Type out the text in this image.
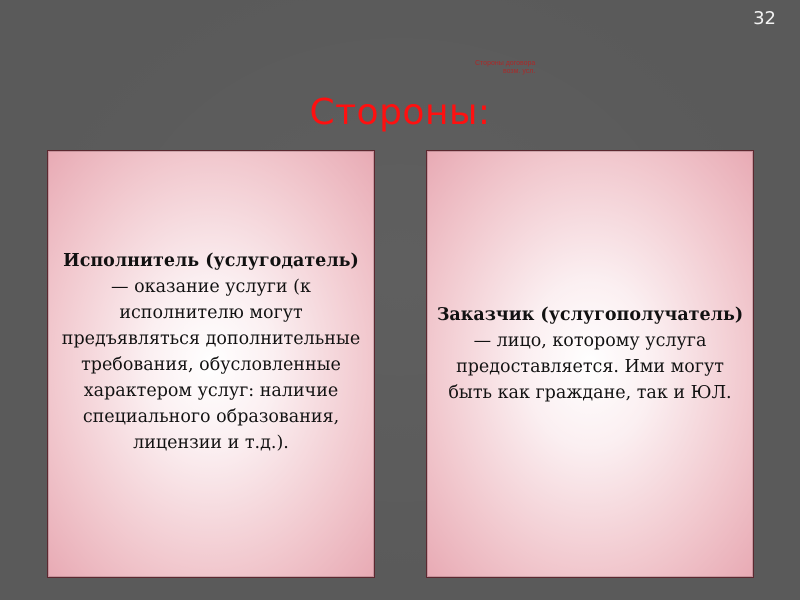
32
Стороны договора
возм. усл.
Стороны:
Исполнитель (услугодатель) — оказание услуги (к исполнителю могут предъявляться дополнительные требования, обусловленные характером услуг: наличие специального образования, лицензии и т.д.).
Заказчик (услугополучатель) — лицо, которому услуга предоставляется. Ими могут быть как граждане, так и ЮЛ.
